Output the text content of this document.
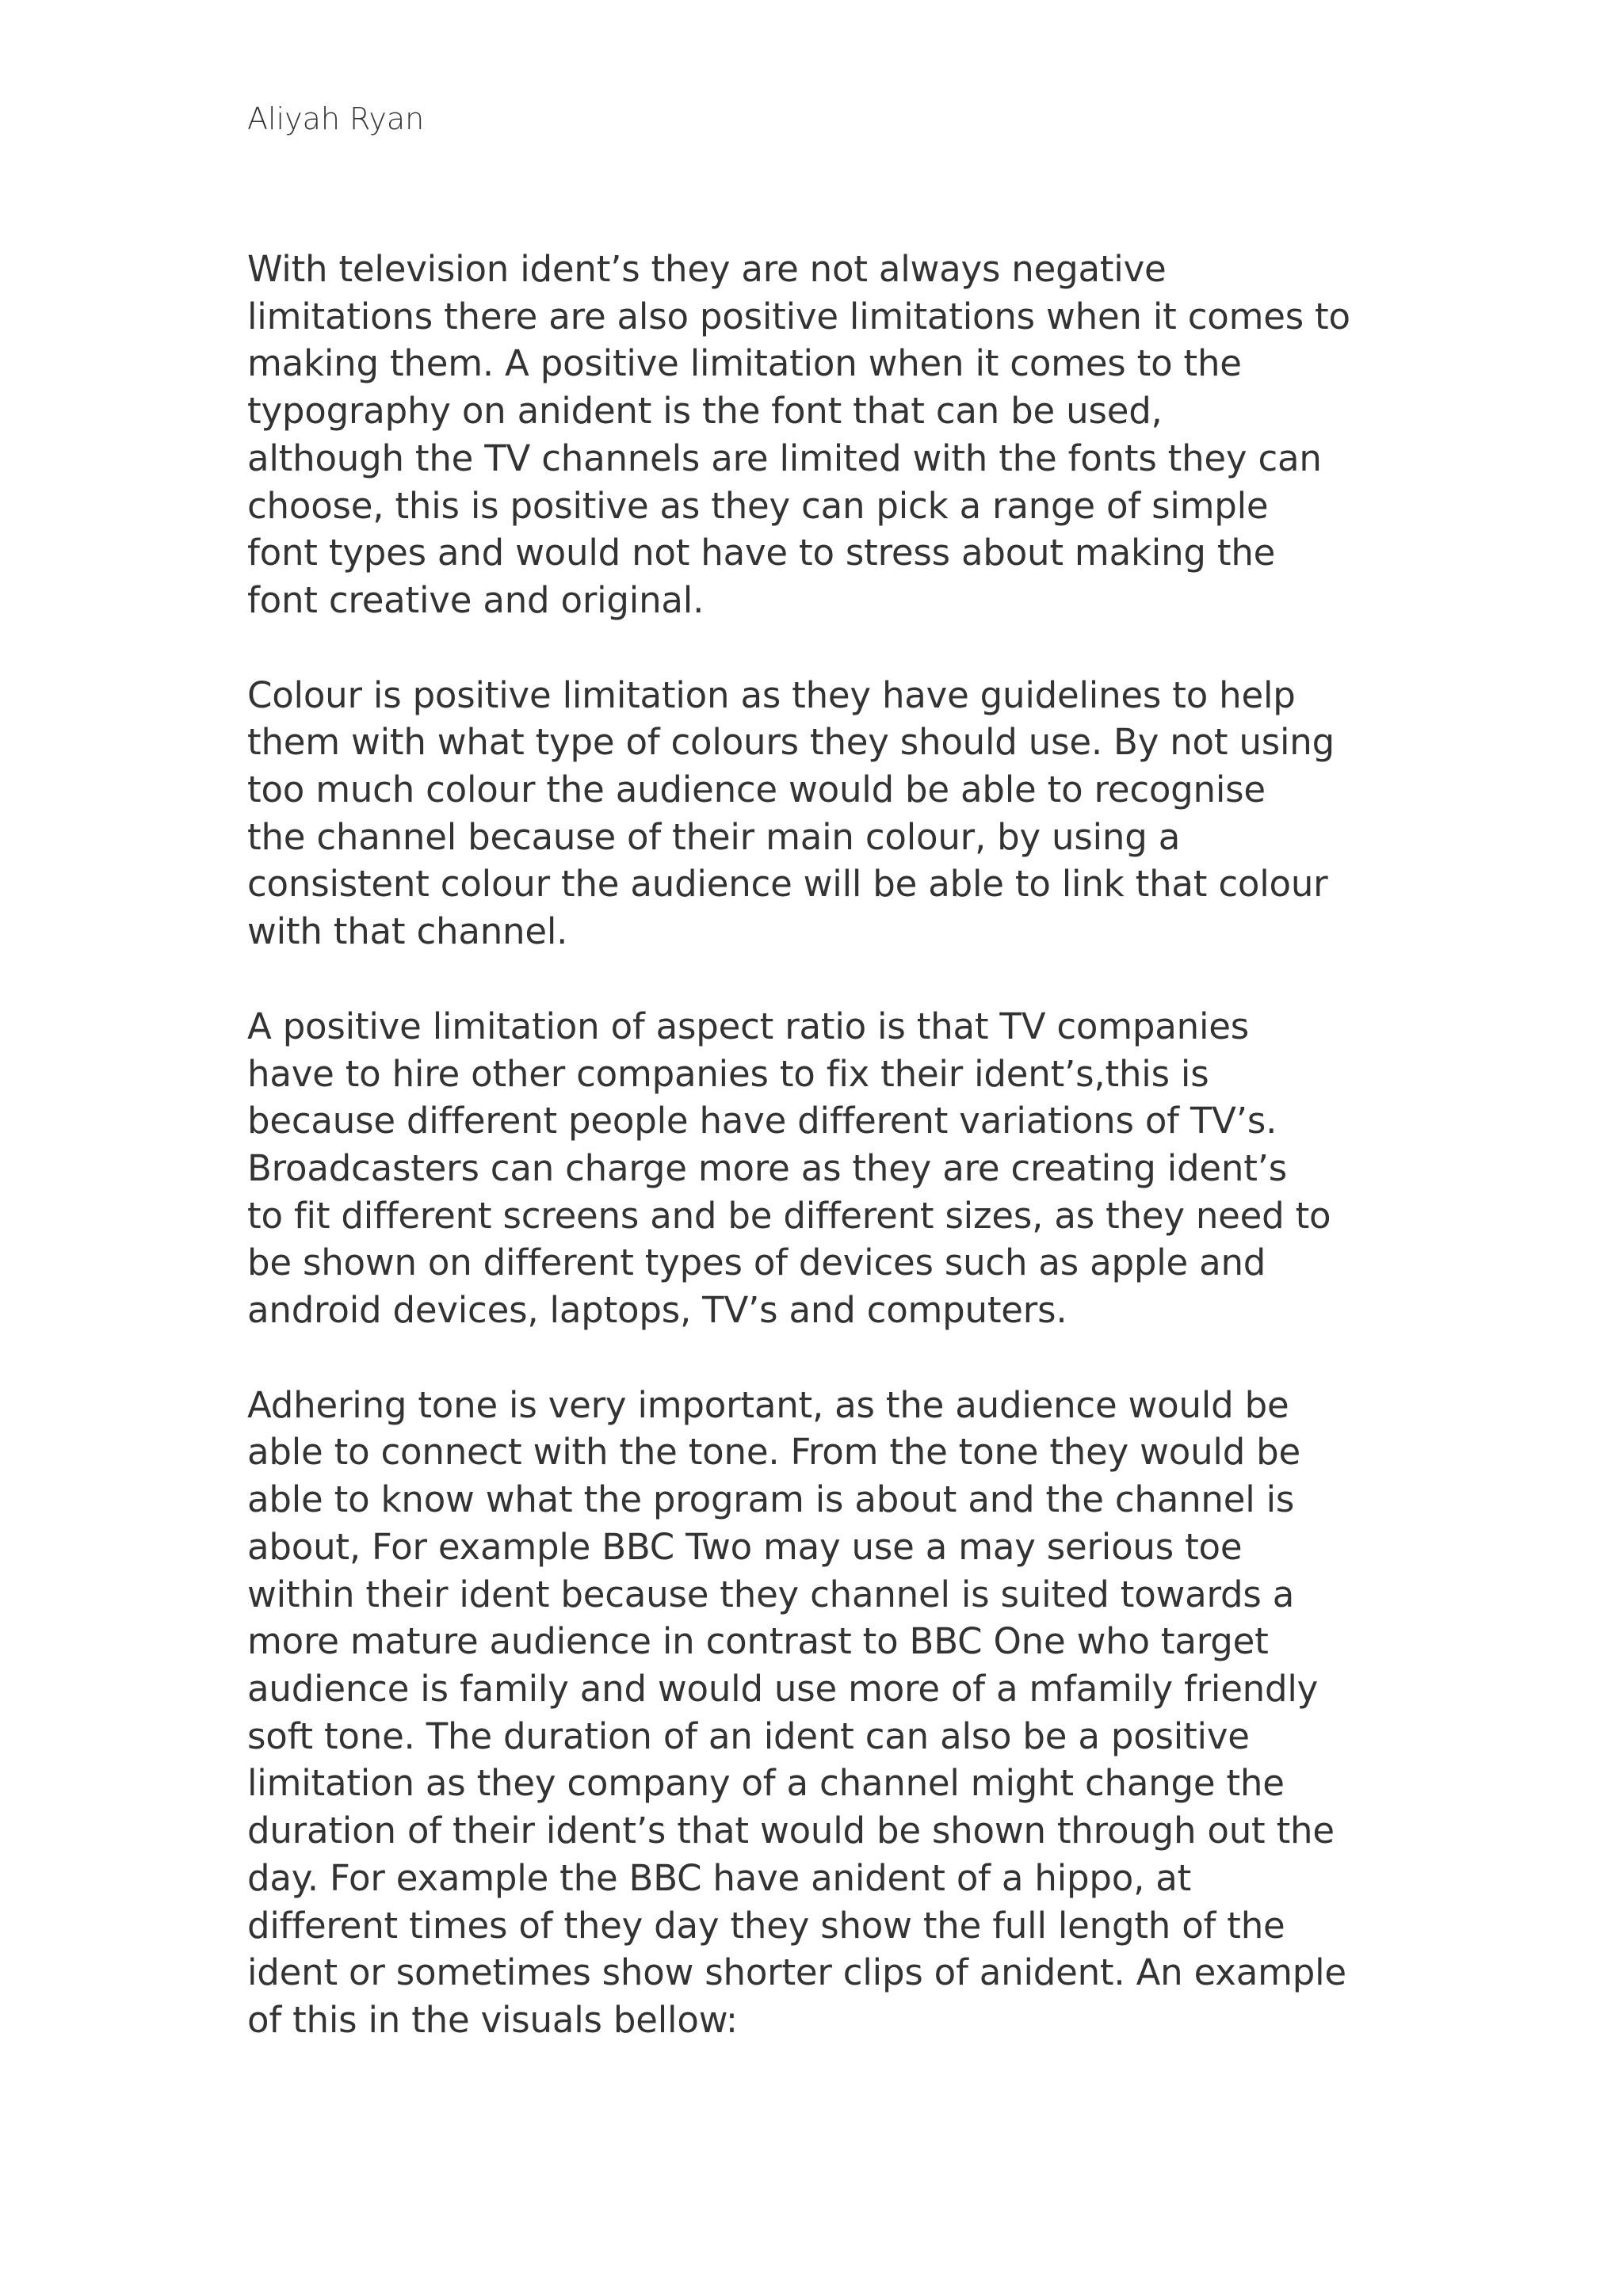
Aliyah Ryan
With television ident’s they are not always negative
limitations there are also positive limitations when it comes to
making them. A positive limitation when it comes to the
typography on anident is the font that can be used,
although the TV channels are limited with the fonts they can
choose, this is positive as they can pick a range of simple
font types and would not have to stress about making the
font creative and original.
Colour is positive limitation as they have guidelines to help
them with what type of colours they should use. By not using
too much colour the audience would be able to recognise
the channel because of their main colour, by using a
consistent colour the audience will be able to link that colour
with that channel.
A positive limitation of aspect ratio is that TV companies
have to hire other companies to fix their ident’s,this is
because different people have different variations of TV’s.
Broadcasters can charge more as they are creating ident’s
to fit different screens and be different sizes, as they need to
be shown on different types of devices such as apple and
android devices, laptops, TV’s and computers.
Adhering tone is very important, as the audience would be
able to connect with the tone. From the tone they would be
able to know what the program is about and the channel is
about, For example BBC Two may use a may serious toe
within their ident because they channel is suited towards a
more mature audience in contrast to BBC One who target
audience is family and would use more of a mfamily friendly
soft tone. The duration of an ident can also be a positive
limitation as they company of a channel might change the
duration of their ident’s that would be shown through out the
day. For example the BBC have anident of a hippo, at
different times of they day they show the full length of the
ident or sometimes show shorter clips of anident. An example
of this in the visuals bellow:
